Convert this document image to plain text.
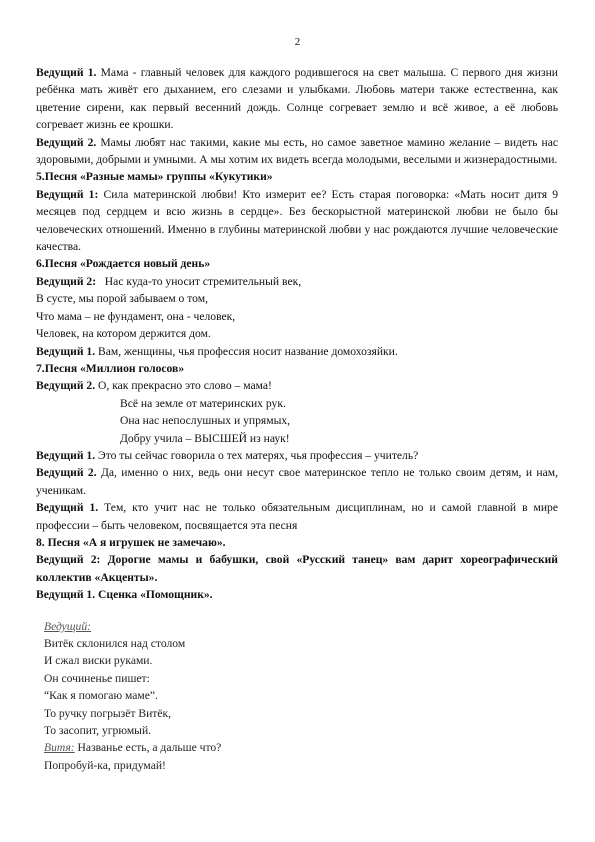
2

Ведущий 1. Мама - главный человек для каждого родившегося на свет малыша. С первого дня жизни ребёнка мать живёт его дыханием, его слезами и улыбками. Любовь матери также естественна, как цветение сирени, как первый весенний дождь. Солнце согревает землю и всё живое, а её любовь согревает жизнь ее крошки.

Ведущий 2. Мамы любят нас такими, какие мы есть, но самое заветное мамино желание – видеть нас здоровыми, добрыми и умными. А мы хотим их видеть всегда молодыми, веселыми и жизнерадостными.

5.Песня «Разные мамы» группы «Кукутики»

Ведущий 1: Сила материнской любви! Кто измерит ее? Есть старая поговорка: «Мать носит дитя 9 месяцев под сердцем и всю жизнь в сердце». Без бескорыстной материнской любви не было бы человеческих отношений. Именно в глубины материнской любви у нас рождаются лучшие человеческие качества.

6.Песня «Рождается новый день»

Ведущий 2: Нас куда-то уносит стремительный век,

В сусте, мы порой забываем о том,

Что мама – не фундамент, она - человек,

Человек, на котором держится дом.

Ведущий 1. Вам, женщины, чья профессия носит название домохозяйки.

7.Песня «Миллион голосов»

Ведущий 2. О, как прекрасно это слово – мама!

Всё на земле от материнских рук.

Она нас непослушных и упрямых,

Добру учила – ВЫСШЕЙ из наук!

Ведущий 1. Это ты сейчас говорила о тех матерях, чья профессия – учитель?

Ведущий 2. Да, именно о них, ведь они несут свое материнское тепло не только своим детям, и нам, ученикам.

Ведущий 1. Тем, кто учит нас не только обязательным дисциплинам, но и самой главной в мире профессии – быть человеком, посвящается эта песня

8. Песня «А я игрушек не замечаю».

Ведущий 2: Дорогие мамы и бабушки, свой «Русский танец» вам дарит хореографический коллектив «Акценты».

Ведущий 1. Сценка «Помощник».

Ведущий:

Витёк склонился над столом

И сжал виски руками.

Он сочиненье пишет:

“Как я помогаю маме”.

То ручку погрызёт Витёк,

То засопит, угрюмый.

Витя: Названье есть, а дальше что?

Попробуй-ка, придумай!
